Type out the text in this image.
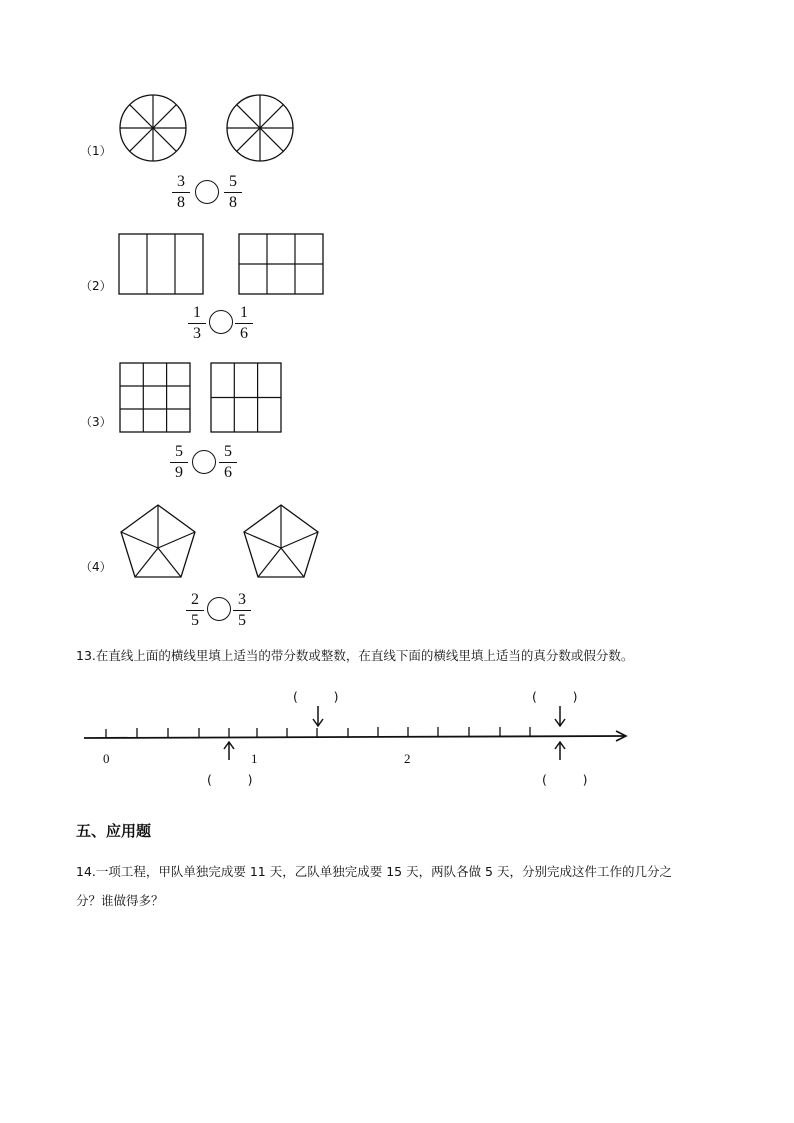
（1）
3
8
5
8
（2）
1
3
1
6
（3）
5
9
5
6
（4）
2
5
3
5
13.在直线上面的横线里填上适当的带分数或整数，在直线下面的横线里填上适当的真分数或假分数。
(         )	(         )
0	1	2
(         )	(         )
五、应用题
14.一项工程，甲队单独完成要 11 天，乙队单独完成要 15 天，两队各做 5 天，分别完成这件工作的几分之
分？谁做得多？
